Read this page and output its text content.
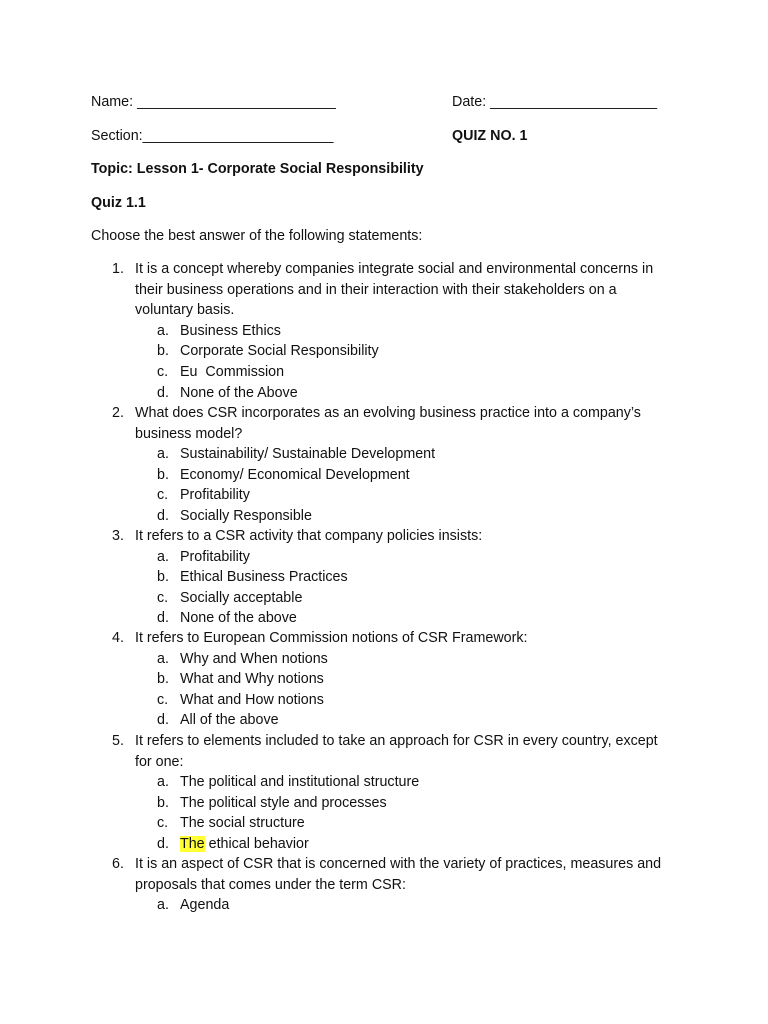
Name: _________________________	Date: _____________________
Section:________________________	QUIZ NO. 1
Topic: Lesson 1- Corporate Social Responsibility
Quiz 1.1
Choose the best answer of the following statements:
1. It is a concept whereby companies integrate social and environmental concerns in their business operations and in their interaction with their stakeholders on a voluntary basis.
a. Business Ethics
b. Corporate Social Responsibility
c. Eu  Commission
d. None of the Above
2. What does CSR incorporates as an evolving business practice into a company’s business model?
a. Sustainability/ Sustainable Development
b. Economy/ Economical Development
c. Profitability
d. Socially Responsible
3. It refers to a CSR activity that company policies insists:
a. Profitability
b. Ethical Business Practices
c. Socially acceptable
d. None of the above
4. It refers to European Commission notions of CSR Framework:
a. Why and When notions
b. What and Why notions
c. What and How notions
d. All of the above
5. It refers to elements included to take an approach for CSR in every country, except for one:
a. The political and institutional structure
b. The political style and processes
c. The social structure
d. The ethical behavior
6. It is an aspect of CSR that is concerned with the variety of practices, measures and proposals that comes under the term CSR:
a. Agenda
